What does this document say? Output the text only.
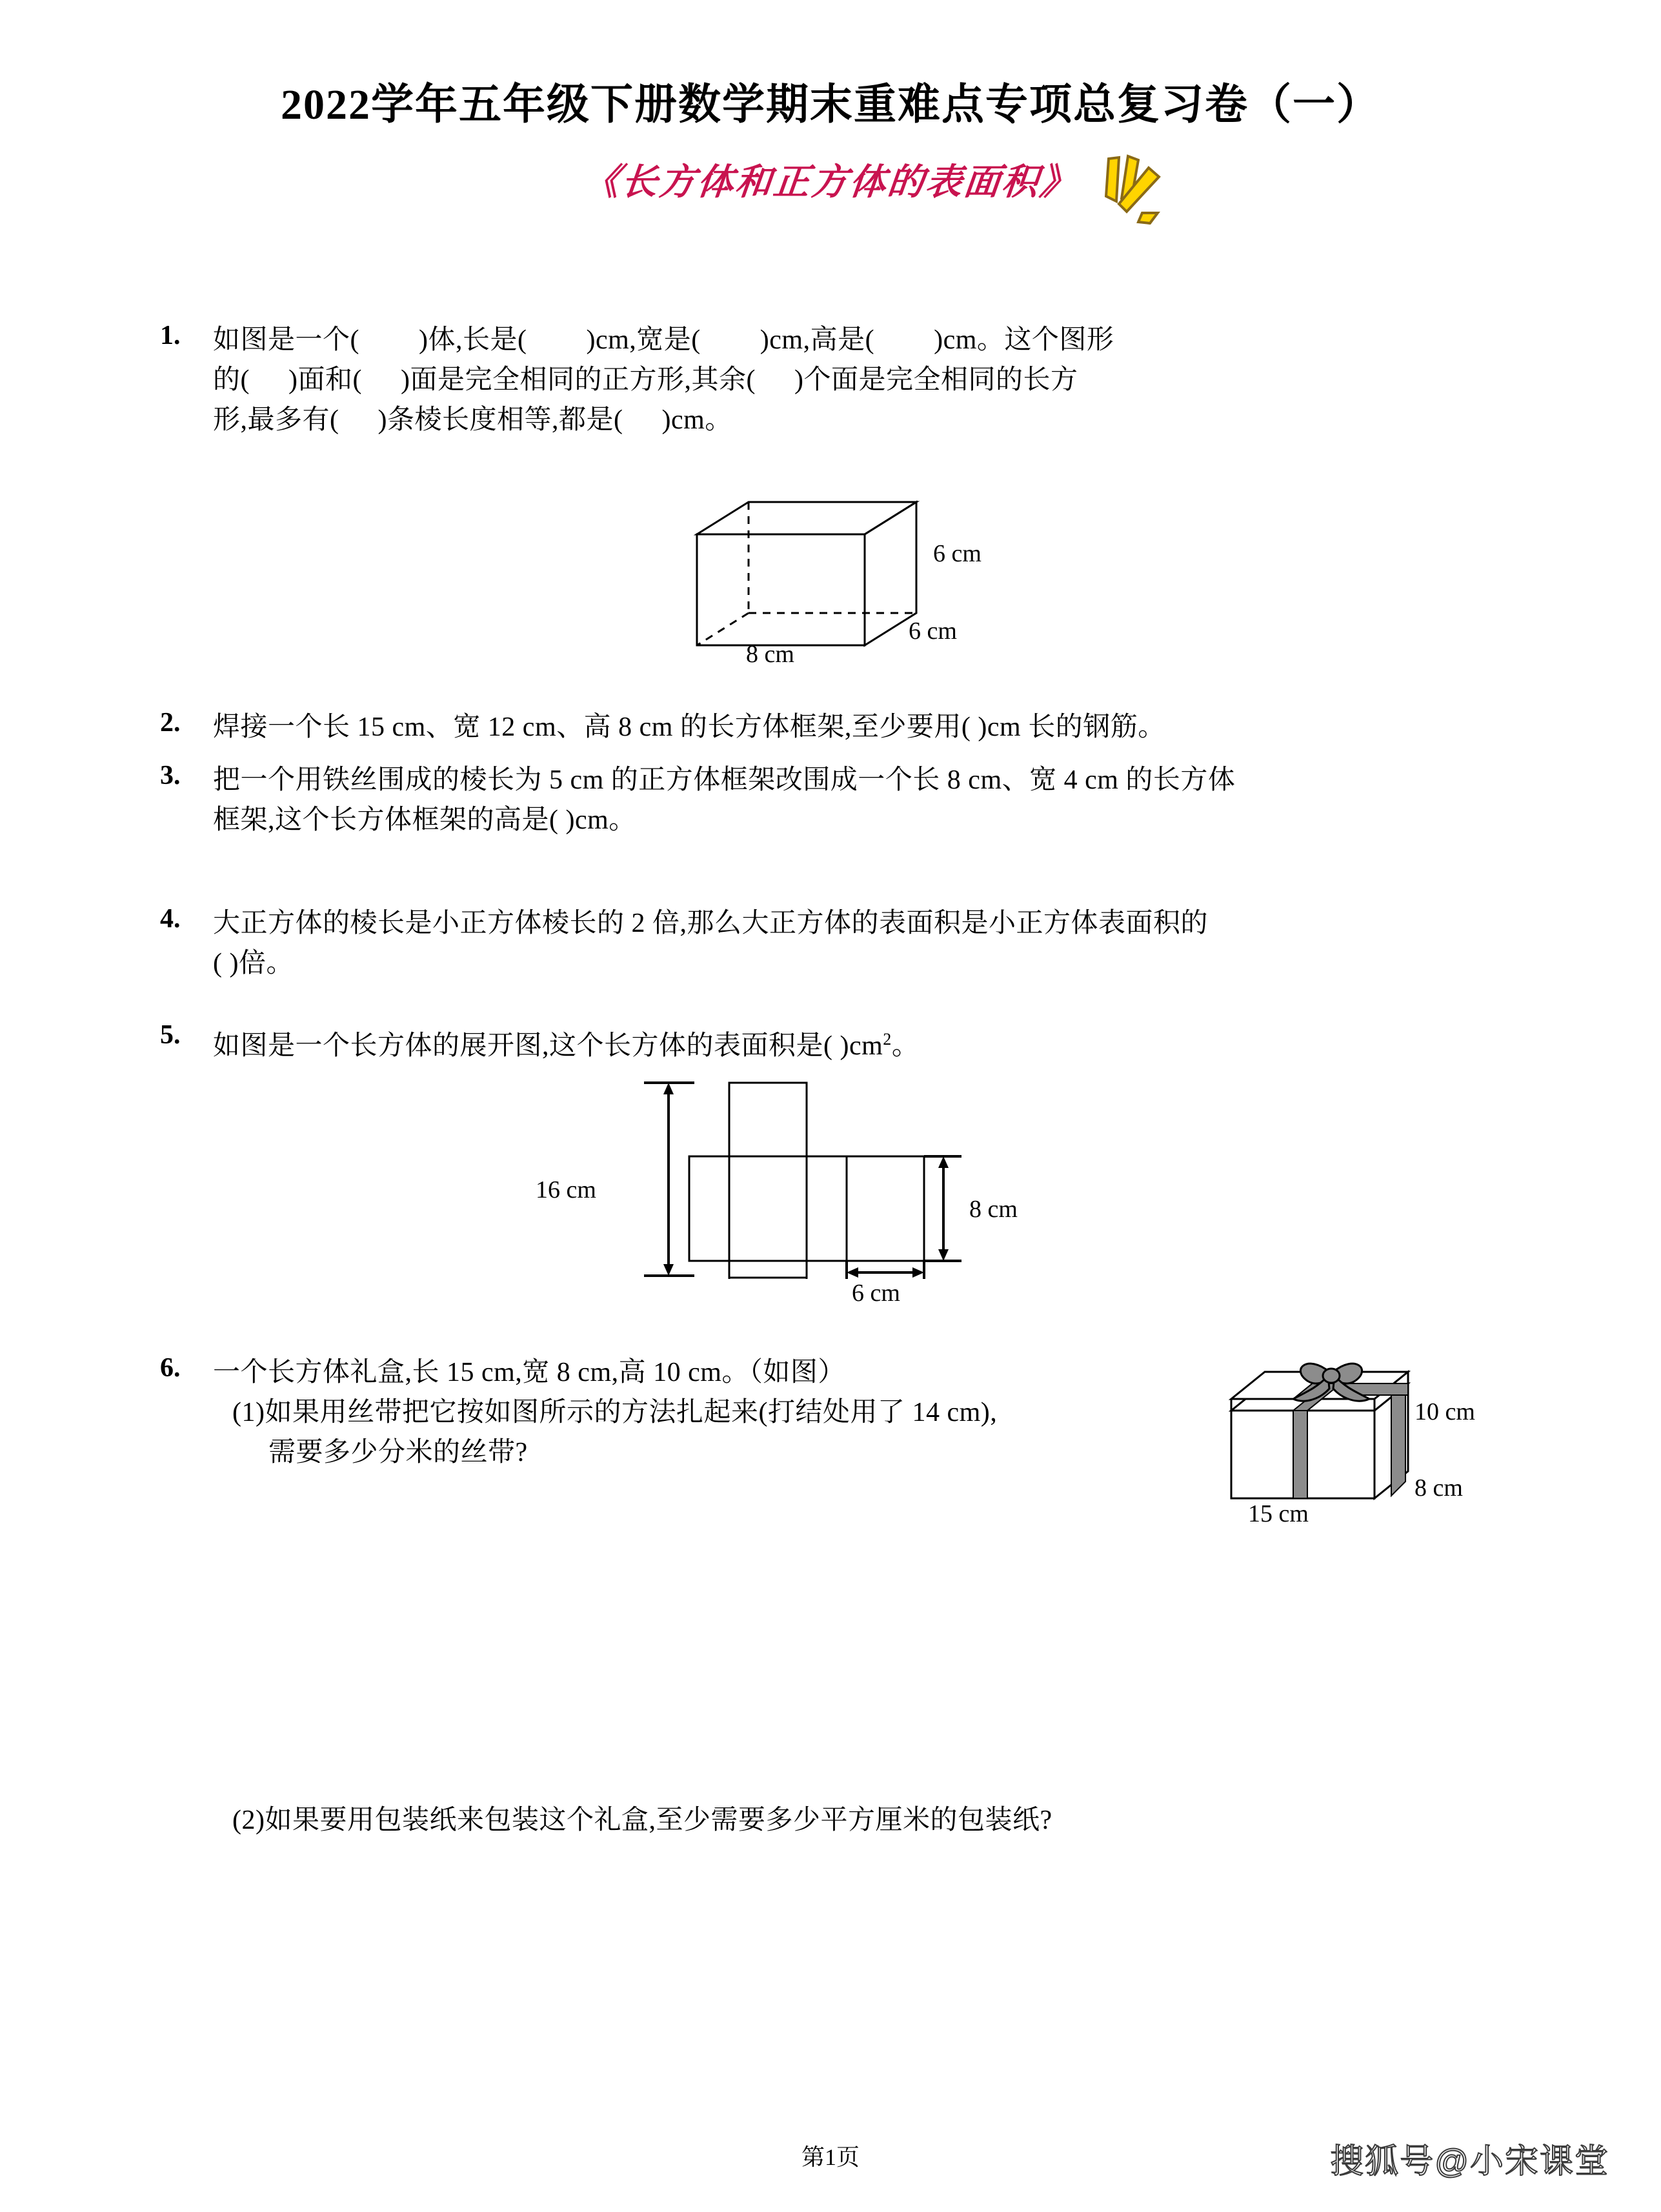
2022学年五年级下册数学期末重难点专项总复习卷（一）
《长方体和正方体的表面积》
1. 如图是一个( )体,长是( )cm,宽是( )cm,高是( )cm。这个图形
的( )面和( )面是完全相同的正方形,其余( )个面是完全相同的长方
形,最多有( )条棱长度相等,都是( )cm。
6 cm
6 cm
8 cm
2. 焊接一个长 15 cm、宽 12 cm、高 8 cm 的长方体框架,至少要用( )cm 长的钢筋。
3. 把一个用铁丝围成的棱长为 5 cm 的正方体框架改围成一个长 8 cm、宽 4 cm 的长方体
框架,这个长方体框架的高是( )cm。
4. 大正方体的棱长是小正方体棱长的 2 倍,那么大正方体的表面积是小正方体表面积的
( )倍。
5. 如图是一个长方体的展开图,这个长方体的表面积是( )$cm^2$。
16 cm
8 cm
6 cm
6. 一个长方体礼盒,长 15 cm,宽 8 cm,高 10 cm。（如图）
(1)如果用丝带把它按如图所示的方法扎起来(打结处用了 14 cm),
需要多少分米的丝带?
10 cm
8 cm
15 cm
(2)如果要用包装纸来包装这个礼盒,至少需要多少平方厘米的包装纸?
第1页	搜狐号@小宋课堂
